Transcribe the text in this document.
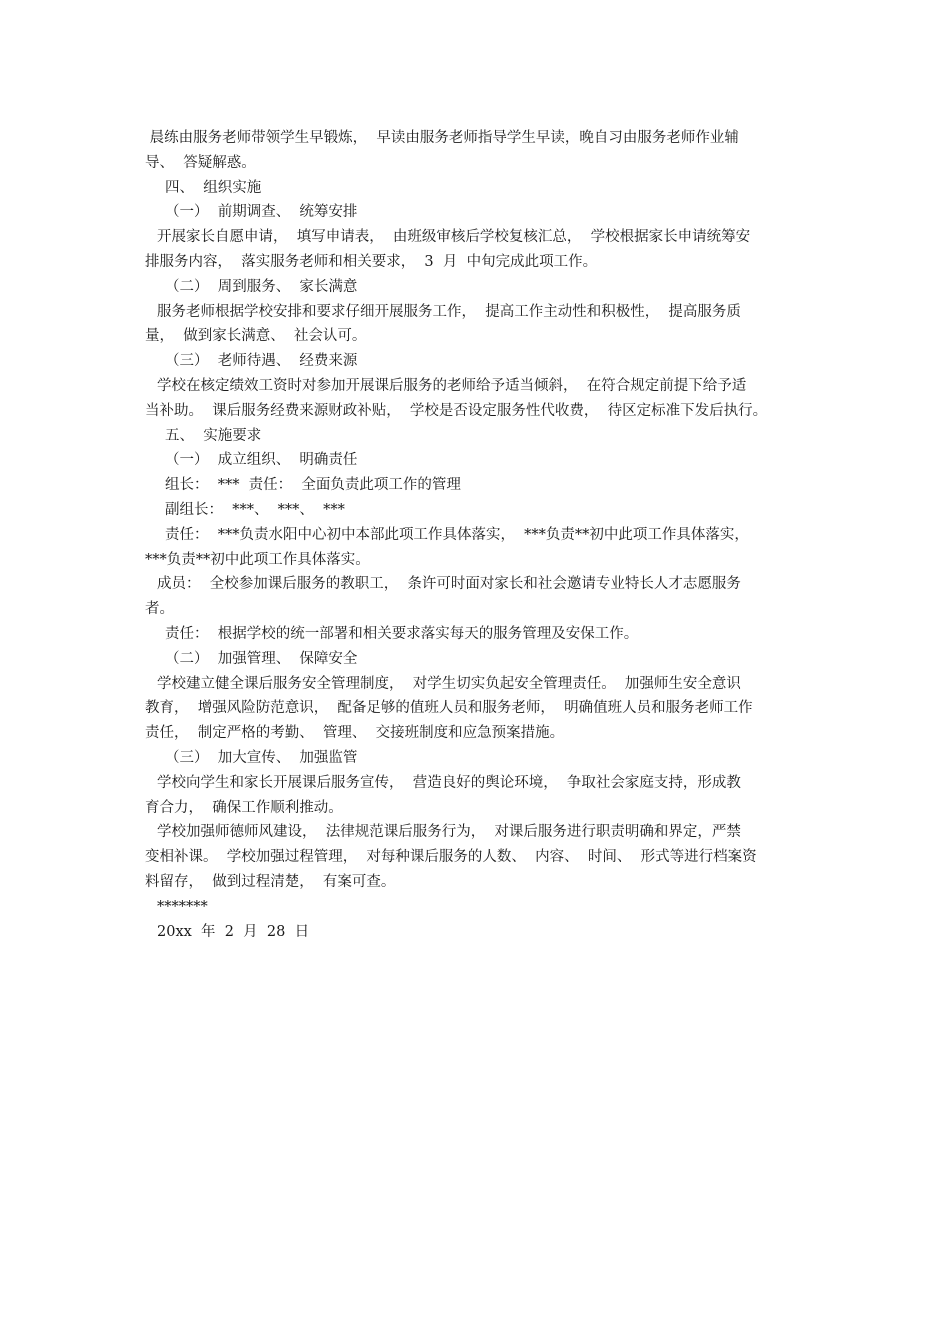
晨练由服务老师带领学生早锻炼，  早读由服务老师指导学生早读，晚自习由服务老师作业辅

导、  答疑解惑。

四、  组织实施

（一）  前期调查、  统筹安排

开展家长自愿申请，  填写申请表，  由班级审核后学校复核汇总，  学校根据家长申请统筹安

排服务内容，  落实服务老师和相关要求，  3  月  中旬完成此项工作。

（二）  周到服务、  家长满意

服务老师根据学校安排和要求仔细开展服务工作，  提高工作主动性和积极性，  提高服务质

量，  做到家长满意、  社会认可。

（三）  老师待遇、  经费来源

学校在核定绩效工资时对参加开展课后服务的老师给予适当倾斜，  在符合规定前提下给予适

当补助。  课后服务经费来源财政补贴，  学校是否设定服务性代收费，  待区定标准下发后执行。

五、  实施要求

（一）  成立组织、  明确责任

组长：  ***  责任：  全面负责此项工作的管理

副组长：  ***、  ***、  ***

责任：  ***负责水阳中心初中本部此项工作具体落实，  ***负责**初中此项工作具体落实，

***负责**初中此项工作具体落实。

成员：  全校参加课后服务的教职工，  条许可时面对家长和社会邀请专业特长人才志愿服务

者。

责任：  根据学校的统一部署和相关要求落实每天的服务管理及安保工作。

（二）  加强管理、  保障安全

学校建立健全课后服务安全管理制度，  对学生切实负起安全管理责任。  加强师生安全意识

教育，  增强风险防范意识，  配备足够的值班人员和服务老师，  明确值班人员和服务老师工作

责任，  制定严格的考勤、  管理、  交接班制度和应急预案措施。

（三）  加大宣传、  加强监管

学校向学生和家长开展课后服务宣传，  营造良好的舆论环境，  争取社会家庭支持，形成教

育合力，  确保工作顺利推动。

学校加强师德师风建设，  法律规范课后服务行为，  对课后服务进行职责明确和界定，严禁

变相补课。  学校加强过程管理，  对每种课后服务的人数、  内容、  时间、  形式等进行档案资

料留存，  做到过程清楚，  有案可查。

*******

20xx  年  2  月  28  日
